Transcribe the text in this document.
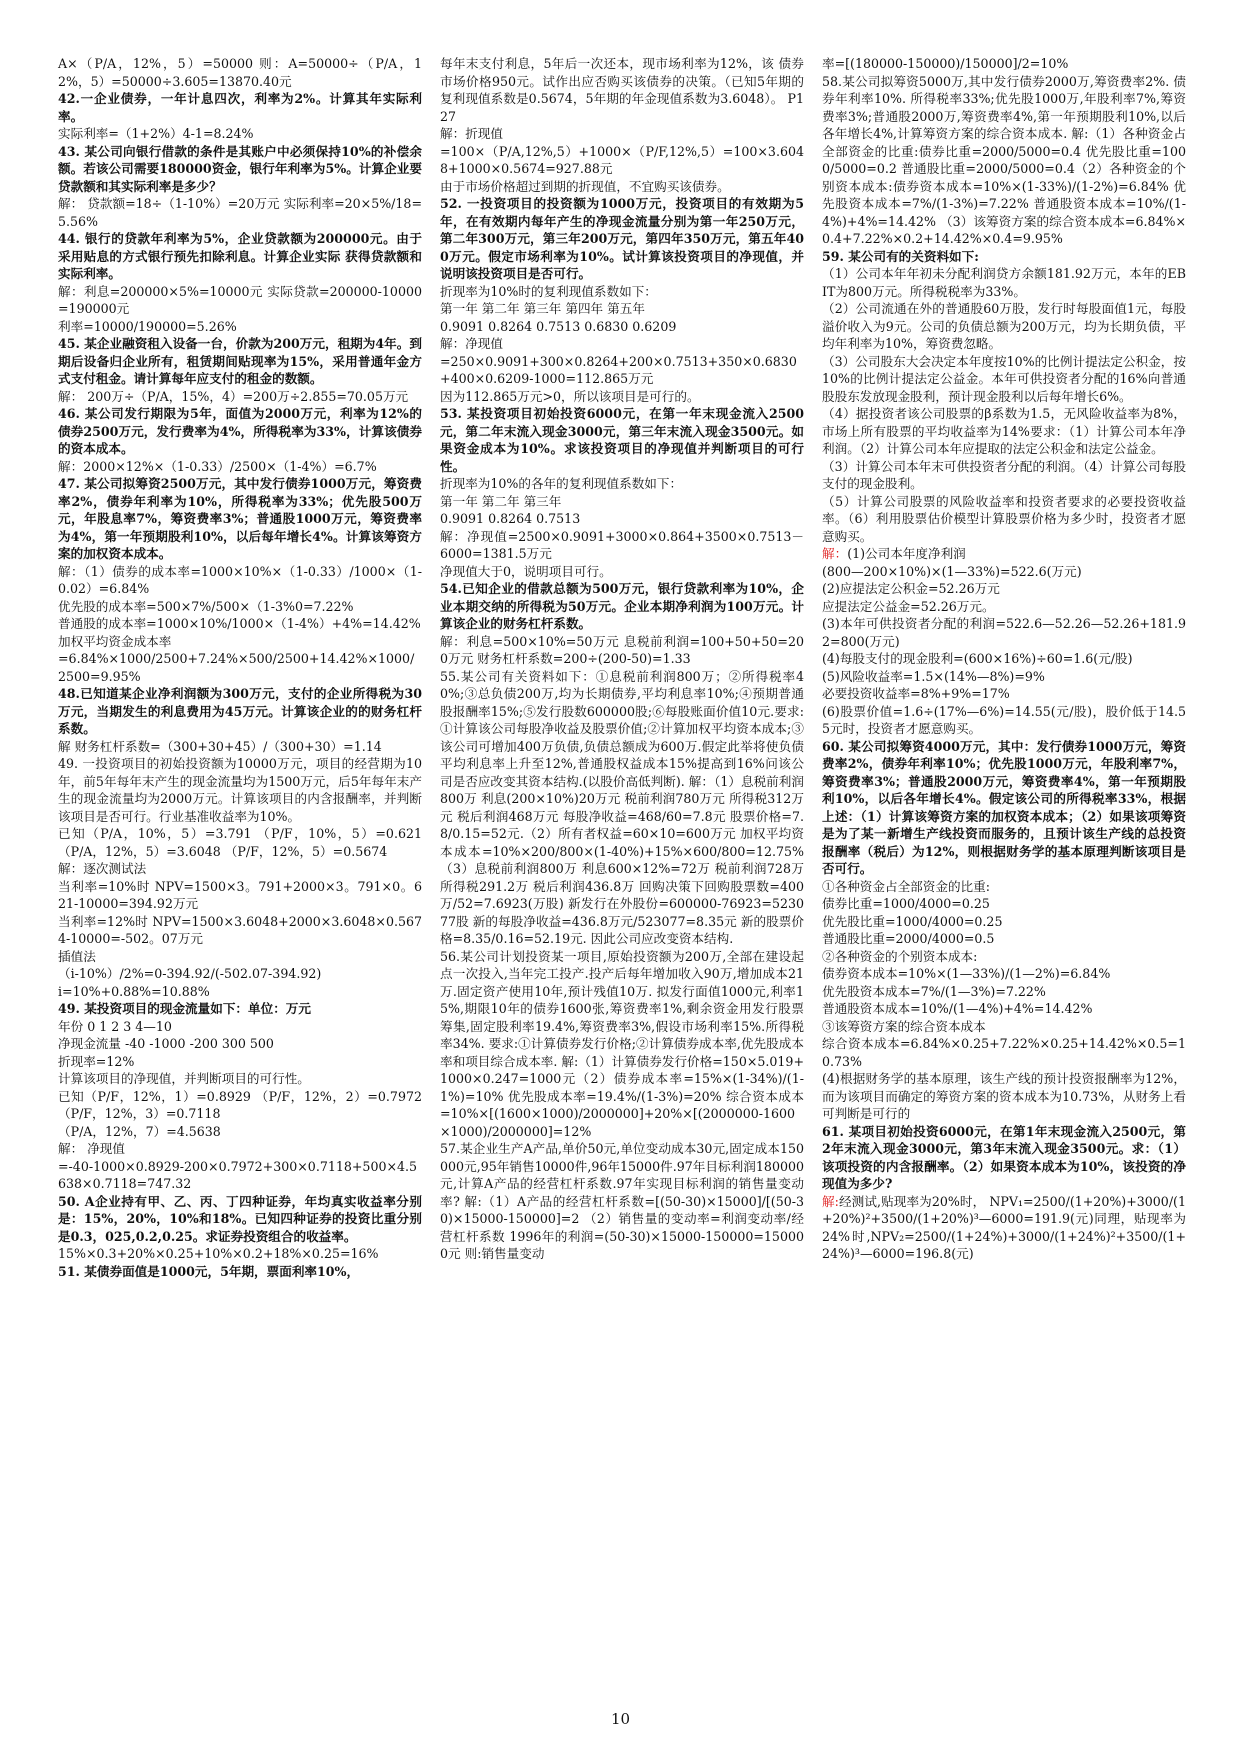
A×（P/A，12%，5）=50000 则：A=50000÷（P/A，12%，5）=50000÷3.605=13870.40元

42.一企业债券，一年计息四次，利率为2%。计算其年实际利率。

实际利率=（1+2%）4-1=8.24%

43. 某公司向银行借款的条件是其账户中必须保持10%的补偿余额。若该公司需要180000资金，银行年利率为5%。计算企业要贷款额和其实际利率是多少？

解： 贷款额=18÷（1-10%）=20万元 实际利率=20×5%/18=5.56%

44. 银行的贷款年利率为5%，企业贷款额为200000元。由于采用贴息的方式银行预先扣除利息。计算企业实际 获得贷款额和实际利率。

解：利息=200000×5%=10000元 实际贷款=200000-10000=190000元

利率=10000/190000=5.26%

45. 某企业融资租入设备一台，价款为200万元，租期为4年。到期后设备归企业所有，租赁期间贴现率为15%，采用普通年金方式支付租金。请计算每年应支付的租金的数额。

解： 200万÷（P/A，15%，4）=200万÷2.855=70.05万元

46. 某公司发行期限为5年，面值为2000万元，利率为12%的债券2500万元，发行费率为4%，所得税率为33%，计算该债券的资本成本。

解：2000×12%×（1-0.33）/2500×（1-4%）=6.7%

47. 某公司拟筹资2500万元，其中发行债券1000万元，筹资费率2%，债券年利率为10%，所得税率为33%；优先股500万元，年股息率7%，筹资费率3%；普通股1000万元，筹资费率为4%，第一年预期股利10%，以后每年增长4%。计算该筹资方案的加权资本成本。

解：（1）债券的成本率=1000×10%×（1-0.33）/1000×（1-0.02）=6.84%

优先股的成本率=500×7%/500×（1-3%0=7.22%

普通股的成本率=1000×10%/1000×（1-4%）+4%=14.42%

加权平均资金成本率

=6.84%×1000/2500+7.24%×500/2500+14.42%×1000/2500=9.95%

48.已知道某企业净利润额为300万元，支付的企业所得税为30万元，当期发生的利息费用为45万元。计算该企业的的财务杠杆系数。

解 财务杠杆系数=（300+30+45）/（300+30）=1.14

49. 一投资项目的初始投资额为10000万元，项目的经营期为10年，前5年每年末产生的现金流量均为1500万元，后5年每年末产生的现金流量均为2000万元。计算该项目的内含报酬率，并判断该项目是否可行。行业基准收益率为10%。

已知（P/A，10%，5）=3.791 （P/F，10%，5）=0.621 （P/A，12%，5）=3.6048 （P/F，12%，5）=0.5674

解：逐次测试法

当利率=10%时 NPV=1500×3。791+2000×3。791×0。621-10000=394.92万元

当利率=12%时 NPV=1500×3.6048+2000×3.6048×0.5674-10000=-502。07万元

插值法

（i-10%）/2%=0-394.92/(-502.07-394.92)

i=10%+0.88%=10.88%

49. 某投资项目的现金流量如下：单位：万元

年份 0 1 2 3 4—10

净现金流量 -40 -1000 -200 300 500

折现率=12%

计算该项目的净现值，并判断项目的可行性。

已知（P/F，12%，1）=0.8929 （P/F，12%，2）=0.7972 （P/F，12%，3）=0.7118

（P/A，12%，7）=4.5638

解： 净现值

=-40-1000×0.8929-200×0.7972+300×0.7118+500×4.5638×0.7118=747.32

50. A企业持有甲、乙、丙、丁四种证券，年均真实收益率分别是：15%，20%，10%和18%。已知四种证券的投资比重分别是0.3，025,0.2,0.25。求证券投资组合的收益率。

15%×0.3+20%×0.25+10%×0.2+18%×0.25=16%

51. 某债券面值是1000元，5年期，票面利率10%，

每年末支付利息，5年后一次还本，现市场利率为12%，该 债券市场价格950元。试作出应否购买该债券的决策。（已知5年期的复利现值系数是0.5674，5年期的年金现值系数为3.6048）。 P127

解：折现值

=100×（P/A,12%,5）+1000×（P/F,12%,5）=100×3.6048+1000×0.5674=927.88元

由于市场价格超过到期的折现值，不宜购买该债券。

52. 一投资项目的投资额为1000万元，投资项目的有效期为5年，在有效期内每年产生的净现金流量分别为第一年250万元，第二年300万元，第三年200万元，第四年350万元，第五年400万元。假定市场利率为10%。试计算该投资项目的净现值，并说明该投资项目是否可行。

折现率为10%时的复利现值系数如下：

第一年 第二年 第三年 第四年 第五年

0.9091 0.8264 0.7513 0.6830 0.6209

解：净现值

=250×0.9091+300×0.8264+200×0.7513+350×0.6830+400×0.6209-1000=112.865万元

因为112.865万元>0，所以该项目是可行的。

53. 某投资项目初始投资6000元，在第一年末现金流入2500元，第二年末流入现金3000元，第三年末流入现金3500元。如果资金成本为10%。求该投资项目的净现值并判断项目的可行性。

折现率为10%的各年的复利现值系数如下：

第一年 第二年 第三年

0.9091 0.8264 0.7513

解：净现值=2500×0.9091+3000×0.864+3500×0.7513－6000=1381.5万元

净现值大于0，说明项目可行。

54.已知企业的借款总额为500万元，银行贷款利率为10%，企业本期交纳的所得税为50万元。企业本期净利润为100万元。计算该企业的财务杠杆系数。

解：利息=500×10%=50万元 息税前利润=100+50+50=200万元 财务杠杆系数=200÷(200-50)=1.33

55.某公司有关资料如下：①息税前利润800万；②所得税率40%;③总负债200万,均为长期债券,平均利息率10%;④预期普通股报酬率15%;⑤发行股数600000股;⑥每股账面价值10元.要求:①计算该公司每股净收益及股票价值;②计算加权平均资本成本;③该公司可增加400万负债,负债总额成为600万.假定此举将使负债平均利息率上升至12%,普通股权益成本15%提高到16%问该公司是否应改变其资本结构.(以股价高低判断). 解：（1）息税前利润800万 利息(200×10%)20万元 税前利润780万元 所得税312万元 税后利润468万元 每股净收益=468/60=7.8元 股票价格=7.8/0.15=52元.（2）所有者权益=60×10=600万元 加权平均资本成本=10%×200/800×(1-40%)+15%×600/800=12.75% （3）息税前利润800万 利息600×12%=72万 税前利润728万 所得税291.2万 税后利润436.8万 回购决策下回购股票数=400万/52=7.6923(万股) 新发行在外股份=600000-76923=523077股 新的每股净收益=436.8万元/523077=8.35元 新的股票价格=8.35/0.16=52.19元. 因此公司应改变资本结构.

56.某公司计划投资某一项目,原始投资额为200万,全部在建设起点一次投入,当年完工投产.投产后每年增加收入90万,增加成本21万.固定资产使用10年,预计残值10万. 拟发行面值1000元,利率15%,期限10年的债券1600张,筹资费率1%,剩余资金用发行股票筹集,固定股利率19.4%,筹资费率3%,假设市场利率15%.所得税率34%. 要求:①计算债券发行价格;②计算债券成本率,优先股成本率和项目综合成本率. 解:（1）计算债券发行价格=150×5.019+1000×0.247=1000元（2）债券成本率=15%×(1-34%)/(1-1%)=10% 优先股成本率=19.4%/(1-3%)=20% 综合资本成本=10%×[(1600×1000)/2000000]+20%×[(2000000-1600×1000)/2000000]=12%

57.某企业生产A产品,单价50元,单位变动成本30元,固定成本150000元,95年销售10000件,96年15000件.97年目标利润180000元,计算A产品的经营杠杆系数.97年实现目标利润的销售量变动率? 解:（1）A产品的经营杠杆系数=[(50-30)×15000]/[(50-30)×15000-150000]=2 （2）销售量的变动率=利润变动率/经营杠杆系数 1996年的利润=(50-30)×15000-150000=150000元 则:销售量变动

率=[(180000-150000)/150000]/2=10%

58.某公司拟筹资5000万,其中发行债券2000万,筹资费率2%. 债券年利率10%. 所得税率33%;优先股1000万,年股利率7%,筹资费率3%;普通股2000万,筹资费率4%,第一年预期股利10%,以后各年增长4%,计算筹资方案的综合资本成本. 解:（1）各种资金占全部资金的比重:债券比重=2000/5000=0.4 优先股比重=1000/5000=0.2 普通股比重=2000/5000=0.4（2）各种资金的个别资本成本:债券资本成本=10%×(1-33%)/(1-2%)=6.84% 优先股资本成本=7%/(1-3%)=7.22% 普通股资本成本=10%/(1-4%)+4%=14.42% （3）该筹资方案的综合资本成本=6.84%×0.4+7.22%×0.2+14.42%×0.4=9.95%

59. 某公司有的关资料如下:

（1）公司本年年初未分配利润贷方余额181.92万元，本年的EBIT为800万元。所得税税率为33%。

（2）公司流通在外的普通股60万股，发行时每股面值1元，每股溢价收入为9元。公司的负债总额为200万元，均为长期负债，平均年利率为10%，筹资费忽略。

（3）公司股东大会决定本年度按10%的比例计提法定公积金，按10%的比例计提法定公益金。本年可供投资者分配的16%向普通股股东发放现金股利，预计现金股利以后每年增长6%。

（4）据投资者该公司股票的β系数为1.5，无风险收益率为8%，市场上所有股票的平均收益率为14%要求：（1）计算公司本年净利润。（2）计算公司本年应提取的法定公积金和法定公益金。

（3）计算公司本年末可供投资者分配的利润。（4）计算公司每股支付的现金股利。

（5）计算公司股票的风险收益率和投资者要求的必要投资收益率。（6）利用股票估价模型计算股票价格为多少时，投资者才愿意购买。

解：(1)公司本年度净利润

(800—200×10%)×(1—33%)=522.6(万元)

(2)应提法定公积金=52.26万元

应提法定公益金=52.26万元。

(3)本年可供投资者分配的利润=522.6—52.26—52.26+181.92=800(万元)

(4)每股支付的现金股利=(600×16%)÷60=1.6(元/股)

(5)风险收益率=1.5×(14%—8%)=9%

必要投资收益率=8%+9%=17%

(6)股票价值=1.6÷(17%—6%)=14.55(元/股)，股价低于14.55元时，投资者才愿意购买。

60. 某公司拟筹资4000万元，其中：发行债券1000万元，筹资费率2%，债券年利率10%；优先股1000万元，年股利率7%，筹资费率3%；普通股2000万元，筹资费率4%，第一年预期股利10%，以后各年增长4%。假定该公司的所得税率33%，根据上述：（1）计算该筹资方案的加权资本成本；（2）如果该项筹资是为了某一新增生产线投资而服务的，且预计该生产线的总投资报酬率（税后）为12%，则根据财务学的基本原理判断该项目是否可行。

①各种资金占全部资金的比重:

债券比重=1000/4000=0.25

优先股比重=1000/4000=0.25

普通股比重=2000/4000=0.5

②各种资金的个别资本成本:

债券资本成本=10%×(1—33%)/(1—2%)=6.84%

优先股资本成本=7%/(1—3%)=7.22%

普通股资本成本=10%/(1—4%)+4%=14.42%

③该筹资方案的综合资本成本

综合资本成本=6.84%×0.25+7.22%×0.25+14.42%×0.5=10.73%

(4)根据财务学的基本原理，该生产线的预计投资报酬率为12%，而为该项目而确定的筹资方案的资本成本为10.73%，从财务上看可判断是可行的

61. 某项目初始投资6000元，在第1年末现金流入2500元，第2年末流入现金3000元，第3年末流入现金3500元。求：（1）该项投资的内含报酬率。（2）如果资本成本为10%，该投资的净现值为多少?

解:经测试,贴现率为20%时， NPV₁=2500/(1+20%)+3000/(1+20%)²+3500/(1+20%)³—6000=191.9(元)同理，贴现率为24%时,NPV₂=2500/(1+24%)+3000/(1+24%)²+3500/(1+24%)³—6000=196.8(元)

10
